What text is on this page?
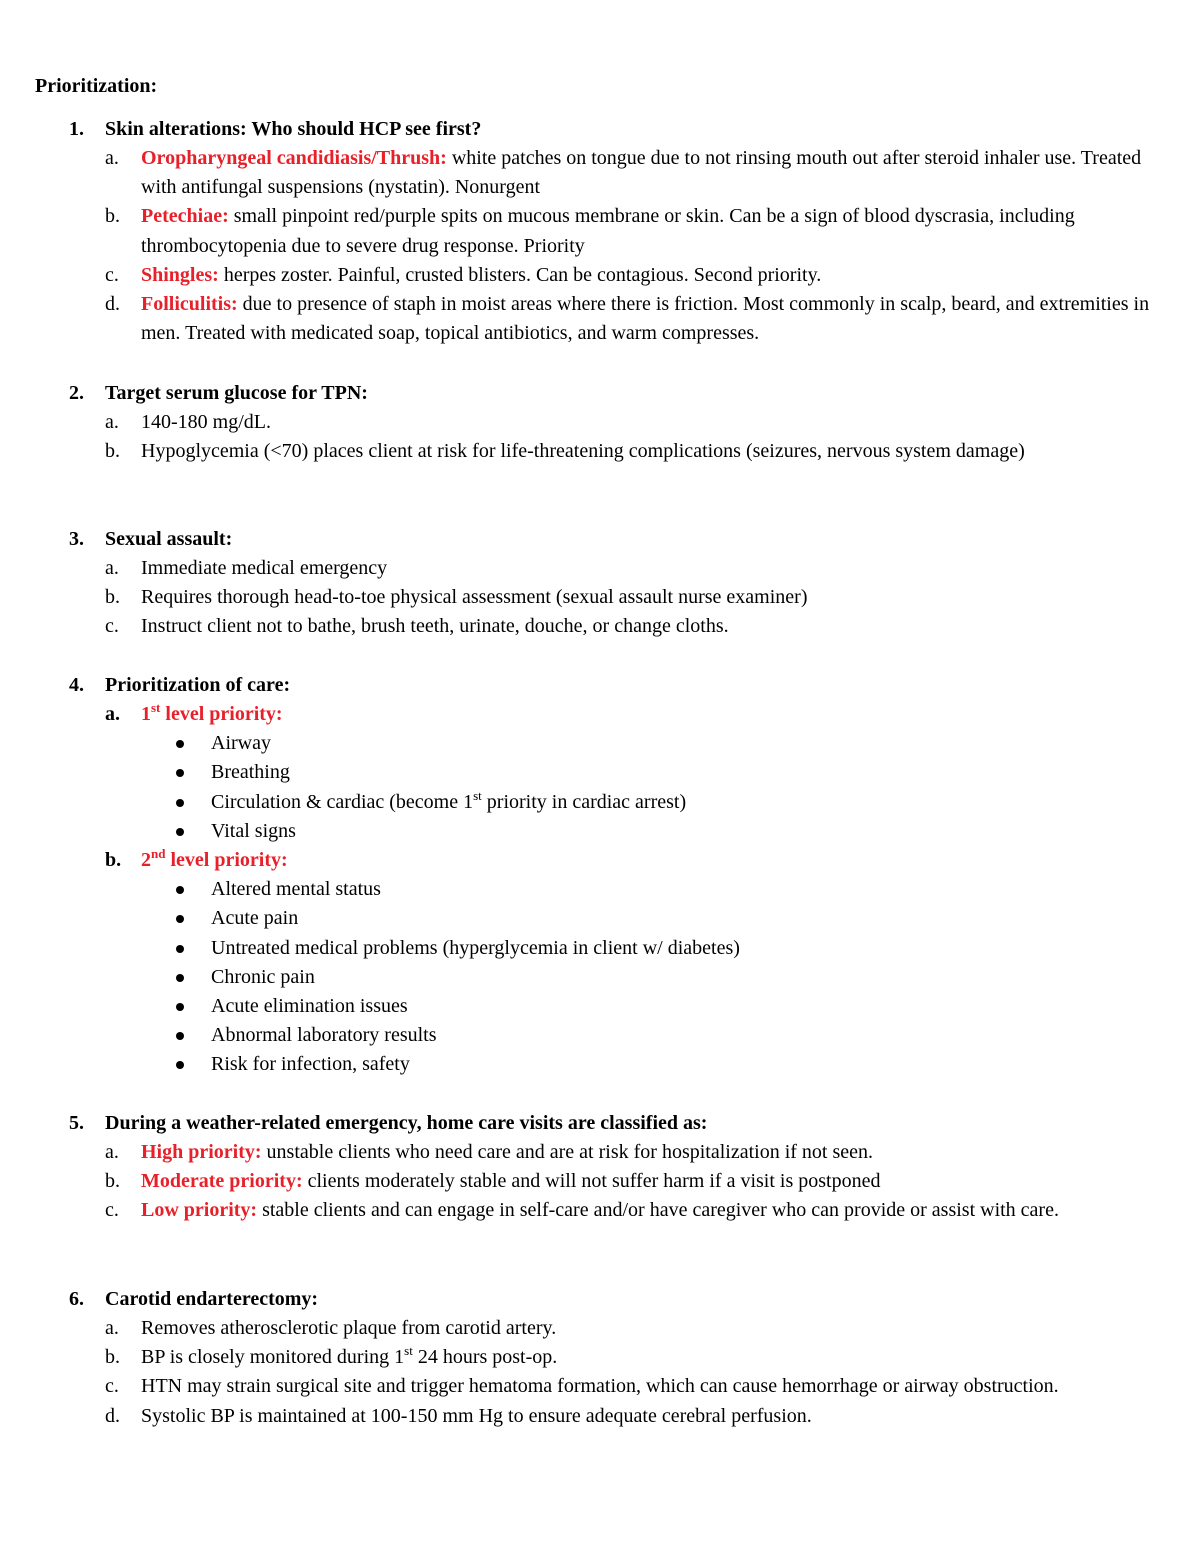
Prioritization:
1. Skin alterations: Who should HCP see first?
a. Oropharyngeal candidiasis/Thrush: white patches on tongue due to not rinsing mouth out after steroid inhaler use. Treated with antifungal suspensions (nystatin). Nonurgent
b. Petechiae: small pinpoint red/purple spits on mucous membrane or skin. Can be a sign of blood dyscrasia, including thrombocytopenia due to severe drug response. Priority
c. Shingles: herpes zoster. Painful, crusted blisters. Can be contagious. Second priority.
d. Folliculitis: due to presence of staph in moist areas where there is friction. Most commonly in scalp, beard, and extremities in men. Treated with medicated soap, topical antibiotics, and warm compresses.
2. Target serum glucose for TPN:
a. 140-180 mg/dL.
b. Hypoglycemia (<70) places client at risk for life-threatening complications (seizures, nervous system damage)
3. Sexual assault:
a. Immediate medical emergency
b. Requires thorough head-to-toe physical assessment (sexual assault nurse examiner)
c. Instruct client not to bathe, brush teeth, urinate, douche, or change cloths.
4. Prioritization of care:
a. 1st level priority:
Airway
Breathing
Circulation & cardiac (become 1st priority in cardiac arrest)
Vital signs
b. 2nd level priority:
Altered mental status
Acute pain
Untreated medical problems (hyperglycemia in client w/ diabetes)
Chronic pain
Acute elimination issues
Abnormal laboratory results
Risk for infection, safety
5. During a weather-related emergency, home care visits are classified as:
a. High priority: unstable clients who need care and are at risk for hospitalization if not seen.
b. Moderate priority: clients moderately stable and will not suffer harm if a visit is postponed
c. Low priority: stable clients and can engage in self-care and/or have caregiver who can provide or assist with care.
6. Carotid endarterectomy:
a. Removes atherosclerotic plaque from carotid artery.
b. BP is closely monitored during 1st 24 hours post-op.
c. HTN may strain surgical site and trigger hematoma formation, which can cause hemorrhage or airway obstruction.
d. Systolic BP is maintained at 100-150 mm Hg to ensure adequate cerebral perfusion.
